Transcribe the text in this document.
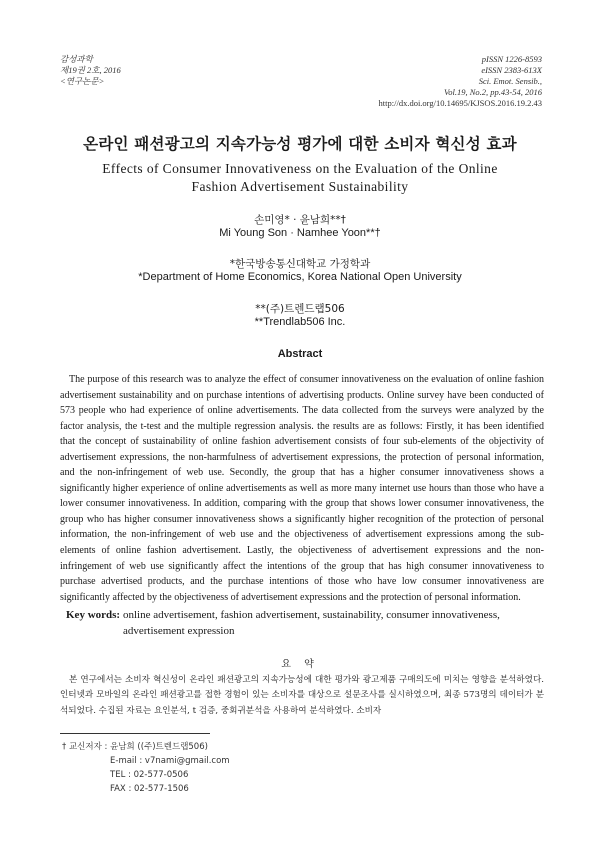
감성과학
제19권 2호, 2016
<연구논문>
pISSN 1226-8593
eISSN 2383-613X
Sci. Emot. Sensib.,
Vol.19, No.2, pp.43-54, 2016
http://dx.doi.org/10.14695/KJSOS.2016.19.2.43
온라인 패션광고의 지속가능성 평가에 대한 소비자 혁신성 효과
Effects of Consumer Innovativeness on the Evaluation of the Online Fashion Advertisement Sustainability
손미영* · 윤남희**†
Mi Young Son · Namhee Yoon**†
*한국방송통신대학교 가정학과
*Department of Home Economics, Korea National Open University
**(주)트렌드랩506
**Trendlab506 Inc.
Abstract
The purpose of this research was to analyze the effect of consumer innovativeness on the evaluation of online fashion advertisement sustainability and on purchase intentions of advertising products. Online survey have been conducted of 573 people who had experience of online advertisements. The data collected from the surveys were analyzed by the factor analysis, the t-test and the multiple regression analysis. the results are as follows: Firstly, it has been identified that the concept of sustainability of online fashion advertisement consists of four sub-elements of the objectivity of advertisement expressions, the non-harmfulness of advertisement expressions, the protection of personal information, and the non-infringement of web use. Secondly, the group that has a higher consumer innovativeness shows a significantly higher experience of online advertisements as well as more many internet use hours than those who have a lower consumer innovativeness. In addition, comparing with the group that shows lower consumer innovativeness, the group who has higher consumer innovativeness shows a significantly higher recognition of the protection of personal information, the non-infringement of web use and the objectiveness of advertisement expressions among the sub-elements of online fashion advertisement. Lastly, the objectiveness of advertisement expressions and the non-infringement of web use significantly affect the intentions of the group that has high consumer innovativeness to purchase advertised products, and the purchase intentions of those who have low consumer innovativeness are significantly affected by the objectiveness of advertisement expressions and the protection of personal information.
Key words: online advertisement, fashion advertisement, sustainability, consumer innovativeness, advertisement expression
요 약
본 연구에서는 소비자 혁신성이 온라인 패션광고의 지속가능성에 대한 평가와 광고제품 구매의도에 미치는 영향을 분석하였다. 인터넷과 모바일의 온라인 패션광고를 접한 경험이 있는 소비자를 대상으로 설문조사를 실시하였으며, 최종 573명의 데이터가 분석되었다. 수집된 자료는 요인분석, t 검증, 중회귀분석을 사용하여 분석하였다. 소비자
† 교신저자 : 윤남희 ((주)트렌드랩506)
E-mail : v7nami@gmail.com
TEL : 02-577-0506
FAX : 02-577-1506
